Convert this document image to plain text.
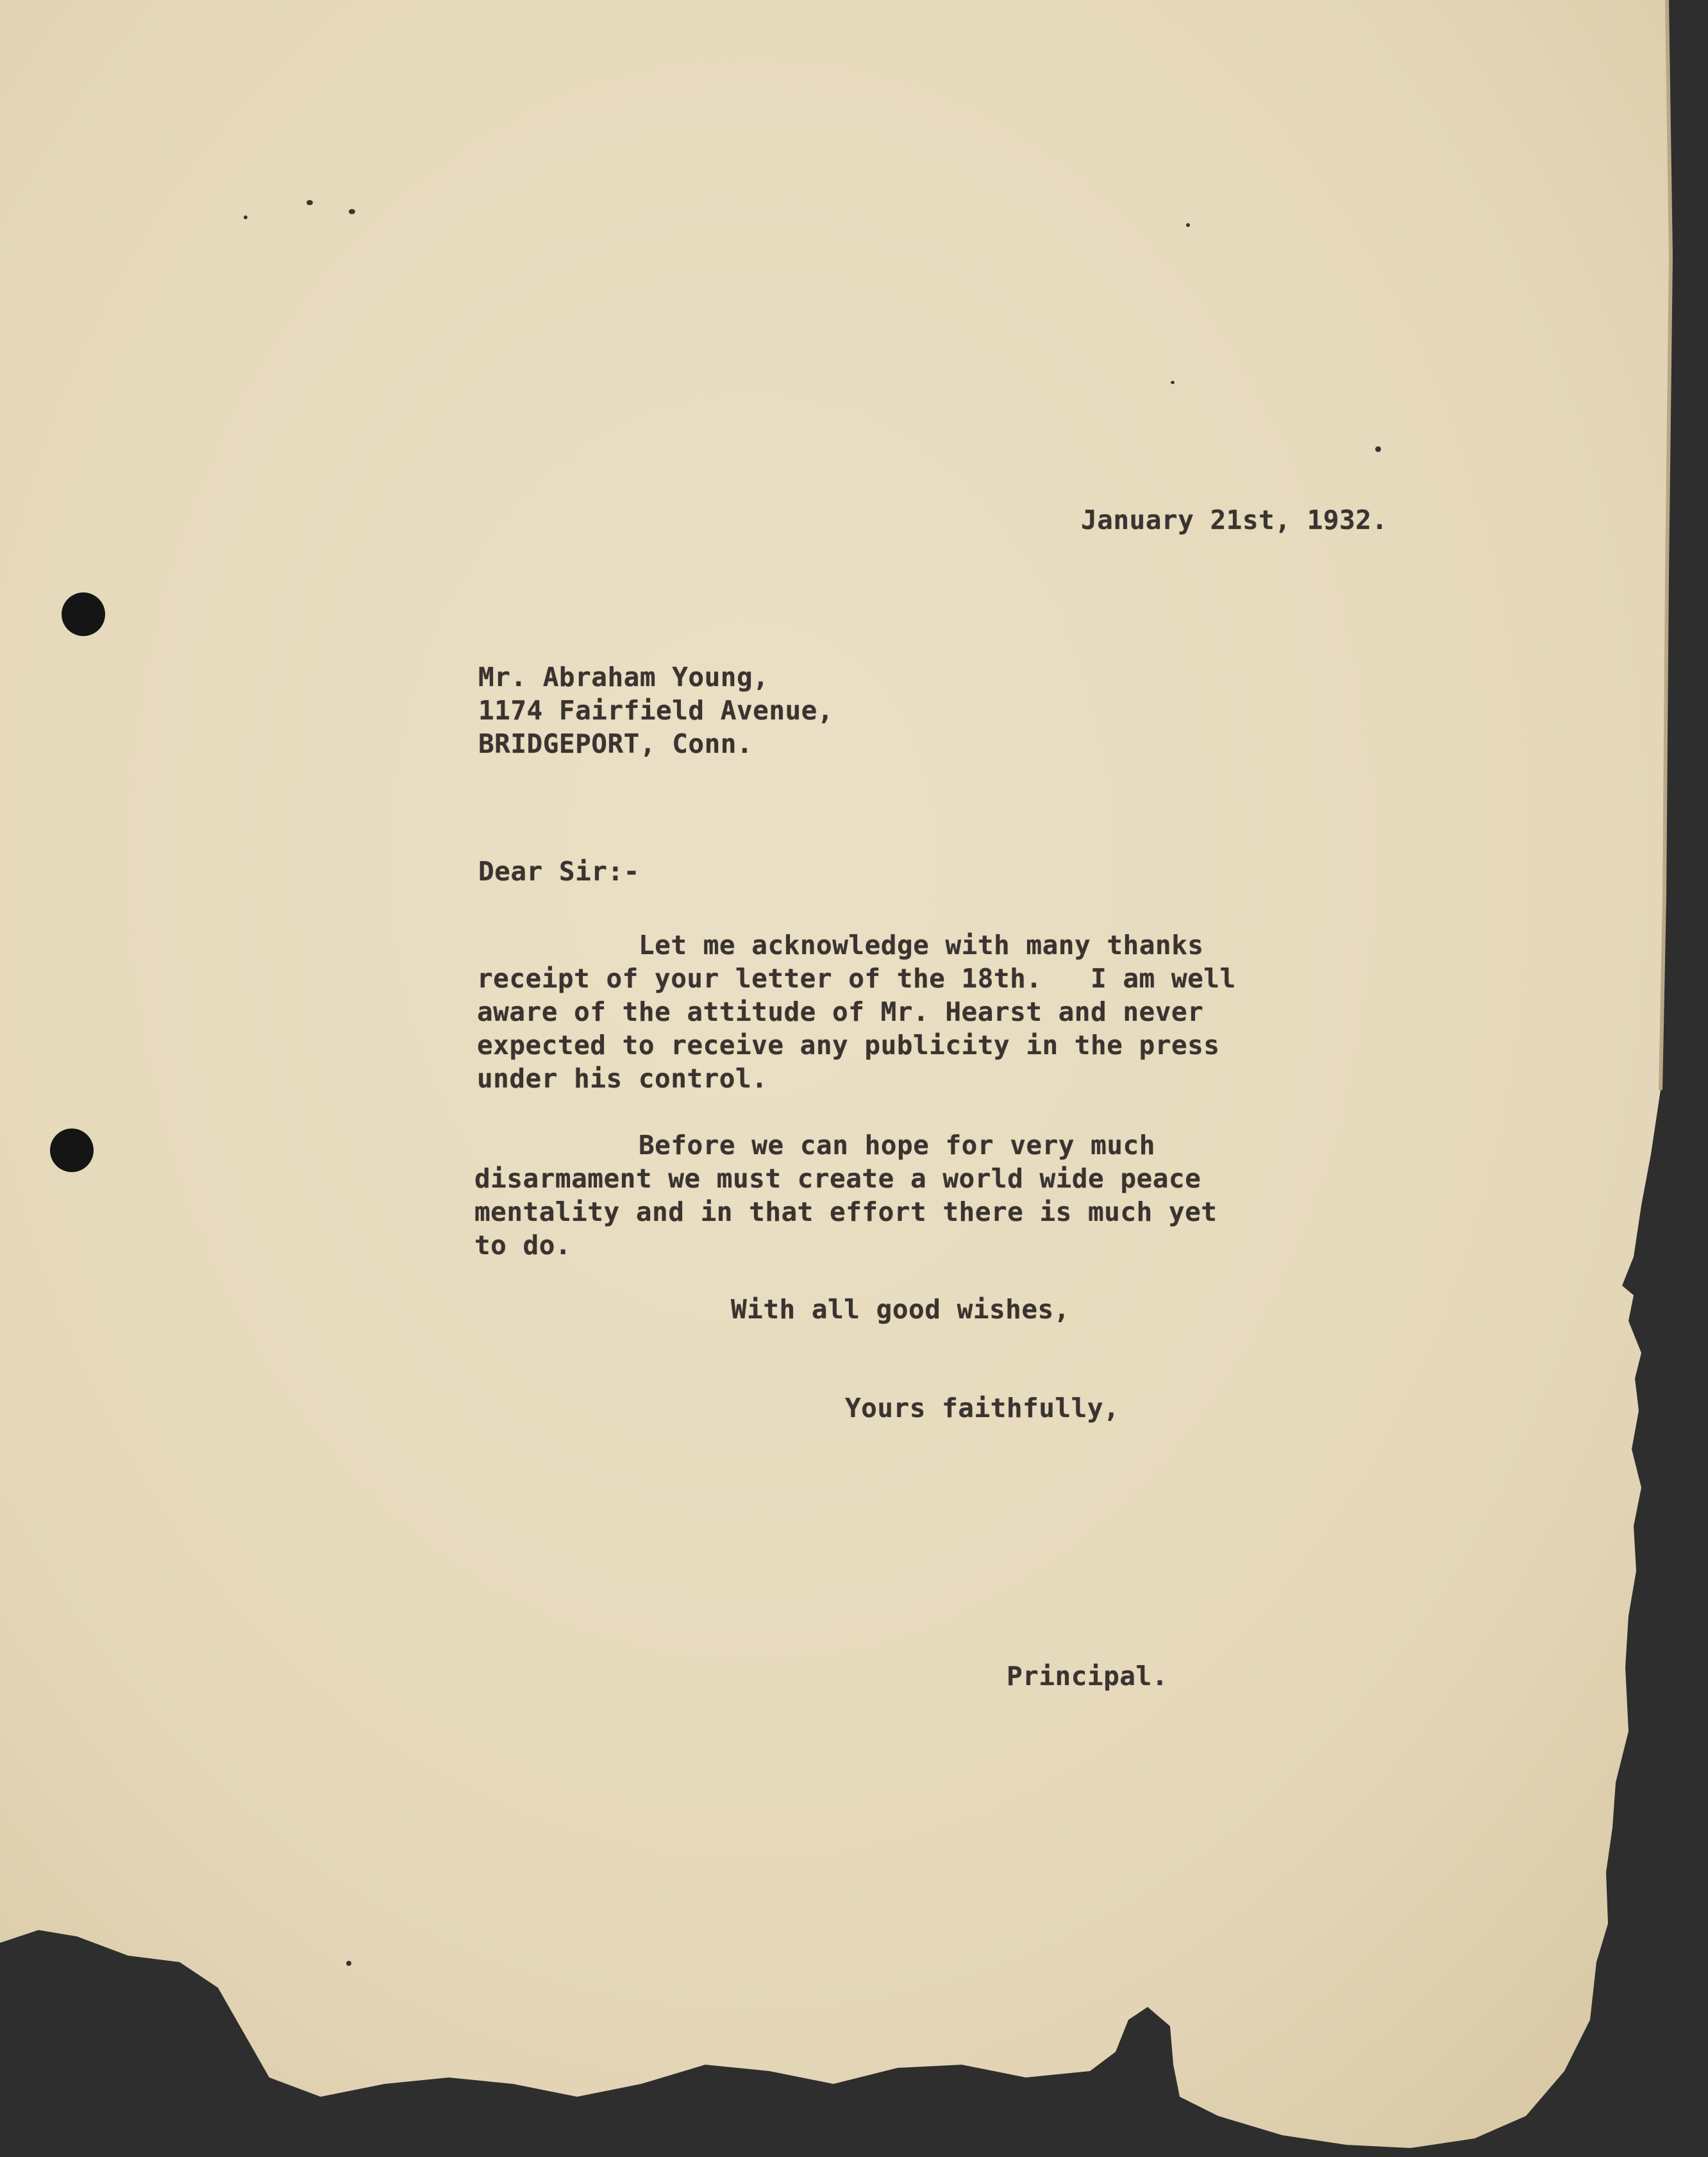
January 21st, 1932.

Mr. Abraham Young,

1174 Fairfield Avenue,

BRIDGEPORT, Conn.

Dear Sir:-

Let me acknowledge with many thanks

receipt of your letter of the 18th.   I am well

aware of the attitude of Mr. Hearst and never

expected to receive any publicity in the press

under his control.

Before we can hope for very much

disarmament we must create a world wide peace

mentality and in that effort there is much yet

to do.

With all good wishes,

Yours faithfully,

Principal.
